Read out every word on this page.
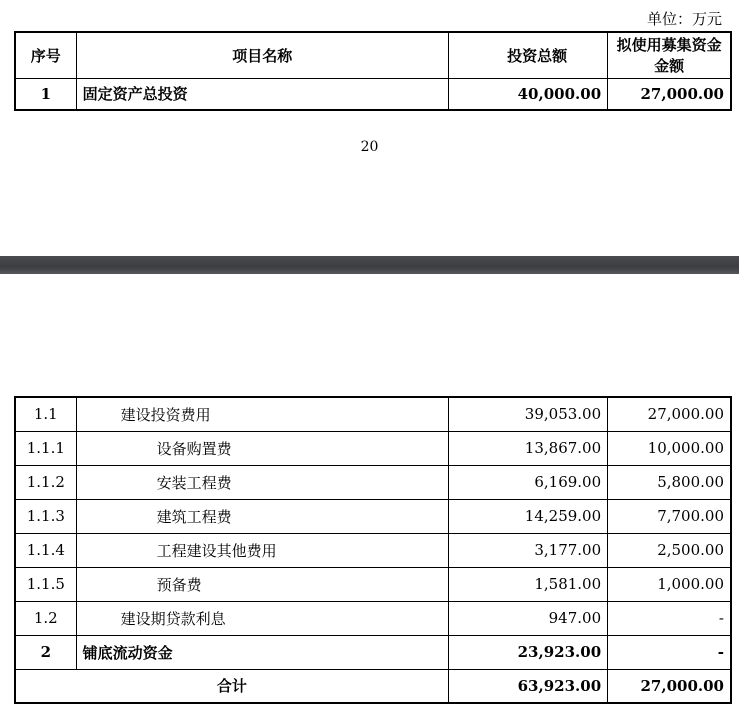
单位：万元
序号	项目名称	投资总额	拟使用募集资金金额
1	固定资产总投资	40,000.00	27,000.00
20
1.1	建设投资费用	39,053.00	27,000.00
1.1.1	设备购置费	13,867.00	10,000.00
1.1.2	安装工程费	6,169.00	5,800.00
1.1.3	建筑工程费	14,259.00	7,700.00
1.1.4	工程建设其他费用	3,177.00	2,500.00
1.1.5	预备费	1,581.00	1,000.00
1.2	建设期贷款利息	947.00	-
2	铺底流动资金	23,923.00	-
合计		63,923.00	27,000.00
